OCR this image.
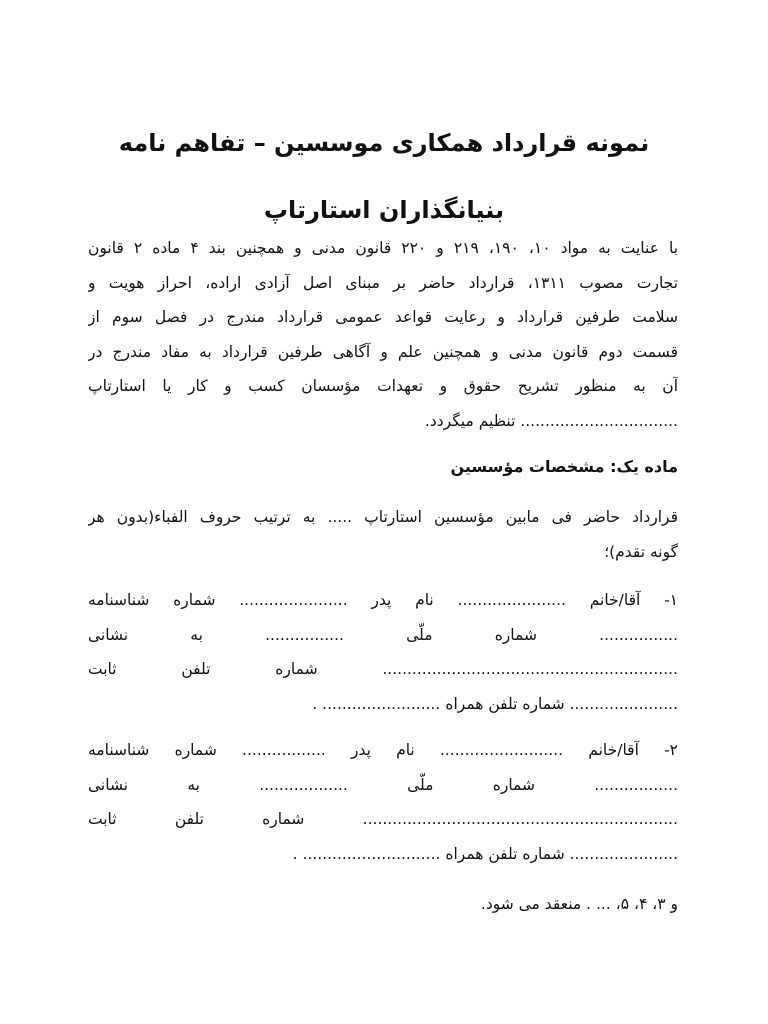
نمونه قرارداد همکاری موسسین – تفاهم نامه
بنیانگذاران استارتاپ
با عنایت به مواد ۱۰، ۱۹۰، ۲۱۹ و ۲۲۰ قانون مدنی و همچنین بند ۴ ماده ۲ قانون
تجارت مصوب ۱۳۱۱، قرارداد حاضر بر مبنای اصل آزادی اراده، احراز هویت و
سلامت طرفین قرارداد و رعایت قواعد عمومی قرارداد مندرج در فصل سوم از
قسمت دوم قانون مدنی و همچنین علم و آگاهی طرفین قرارداد به مفاد مندرج در
آن به منظور تشریح حقوق و تعهدات مؤسسان کسب و کار یا استارتاپ
................................ تنظیم میگردد.
ماده یک: مشخصات مؤسسین
قرارداد حاضر فی مابین مؤسسین استارتاپ ..... به ترتیب حروف الفباء(بدون هر
گونه تقدم)؛
۱- آقا/خانم ...................... نام پدر ...................... شماره شناسنامه
................ شماره ملّی ................ به نشانی
............................................................ شماره تلفن ثابت
...................... شماره تلفن همراه ........................ .
۲- آقا/خانم ......................... نام پدر ................. شماره شناسنامه
................. شماره ملّی .................. به نشانی
................................................................ شماره تلفن ثابت
...................... شماره تلفن همراه ............................ .
و ۳، ۴، ۵، ... . منعقد می شود.
